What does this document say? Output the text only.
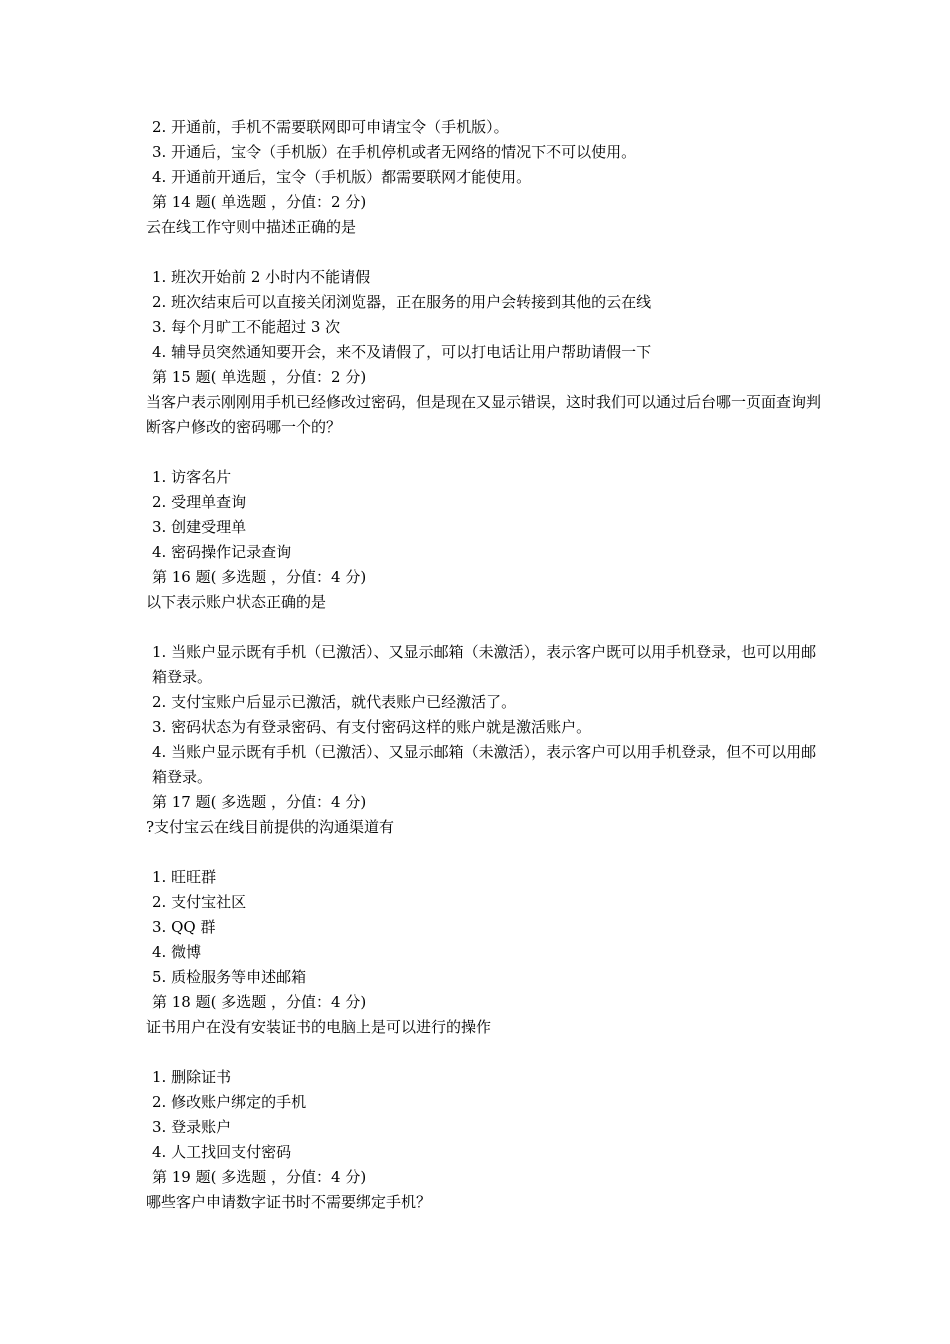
2. 开通前，手机不需要联网即可申请宝令（手机版）。
3. 开通后，宝令（手机版）在手机停机或者无网络的情况下不可以使用。
4. 开通前开通后，宝令（手机版）都需要联网才能使用。
第 14 题( 单选题 ，分值：2 分)
云在线工作守则中描述正确的是
1. 班次开始前 2 小时内不能请假
2. 班次结束后可以直接关闭浏览器，正在服务的用户会转接到其他的云在线
3. 每个月旷工不能超过 3 次
4. 辅导员突然通知要开会，来不及请假了，可以打电话让用户帮助请假一下
第 15 题( 单选题 ，分值：2 分)
当客户表示刚刚用手机已经修改过密码，但是现在又显示错误，这时我们可以通过后台哪一页面查询判断客户修改的密码哪一个的？
1. 访客名片
2. 受理单查询
3. 创建受理单
4. 密码操作记录查询
第 16 题( 多选题 ，分值：4 分)
以下表示账户状态正确的是
1. 当账户显示既有手机（已激活）、又显示邮箱（未激活），表示客户既可以用手机登录，也可以用邮箱登录。
2. 支付宝账户后显示已激活，就代表账户已经激活了。
3. 密码状态为有登录密码、有支付密码这样的账户就是激活账户。
4. 当账户显示既有手机（已激活）、又显示邮箱（未激活），表示客户可以用手机登录，但不可以用邮箱登录。
第 17 题( 多选题 ，分值：4 分)
?支付宝云在线目前提供的沟通渠道有
1. 旺旺群
2. 支付宝社区
3. QQ 群
4. 微博
5. 质检服务等申述邮箱
第 18 题( 多选题 ，分值：4 分)
证书用户在没有安装证书的电脑上是可以进行的操作
1. 删除证书
2. 修改账户绑定的手机
3. 登录账户
4. 人工找回支付密码
第 19 题( 多选题 ，分值：4 分)
哪些客户申请数字证书时不需要绑定手机？
